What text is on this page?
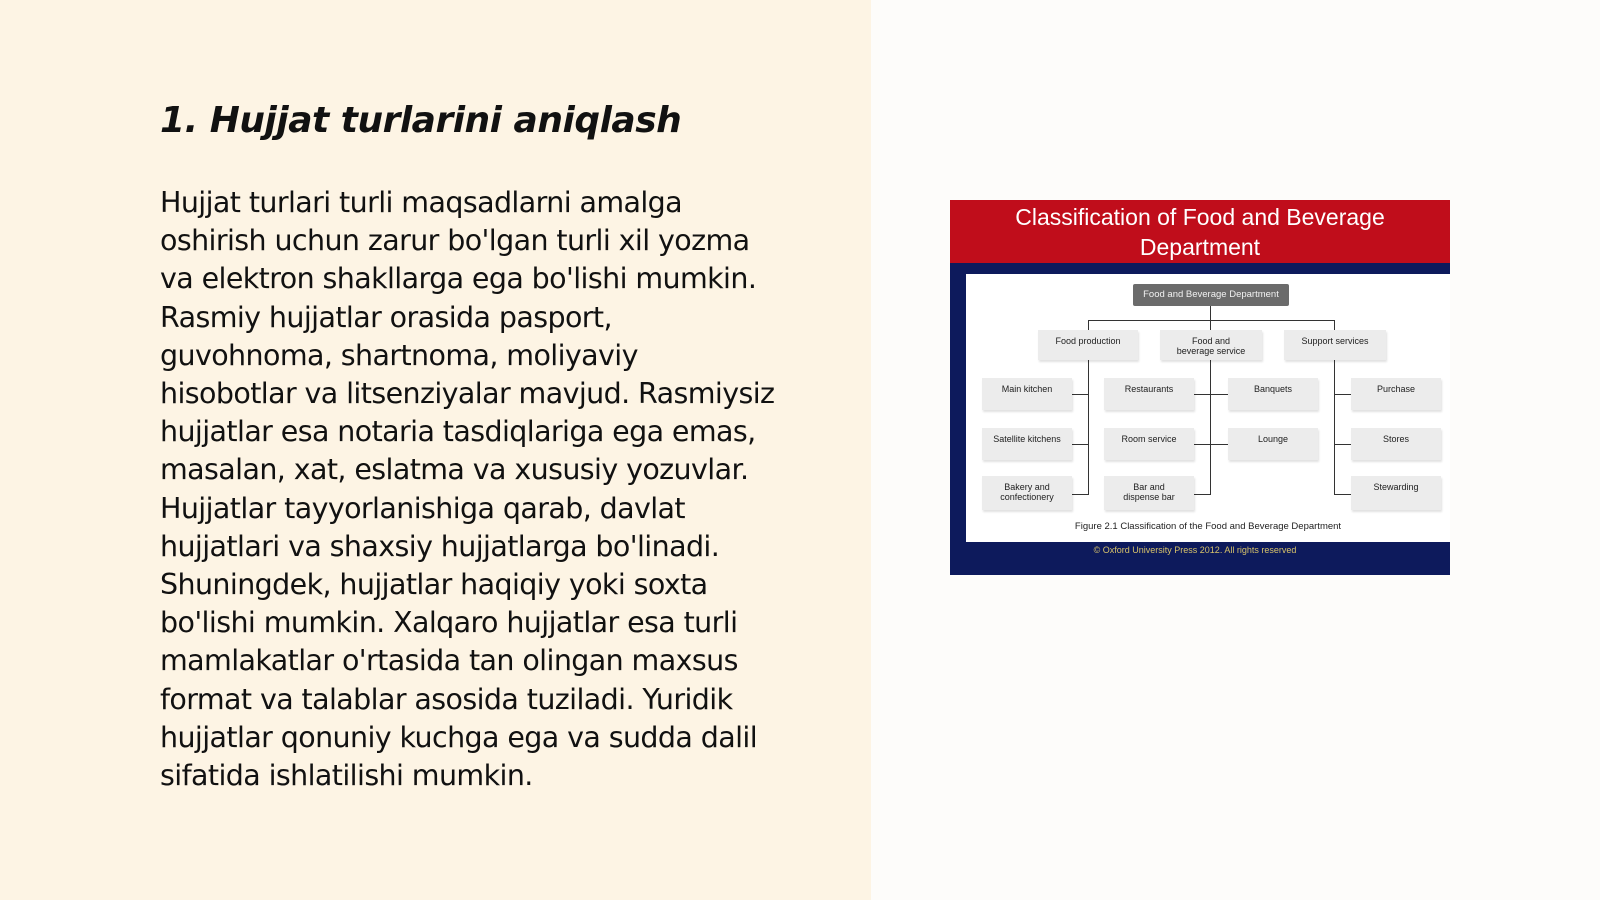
1. Hujjat turlarini aniqlash

Hujjat turlari turli maqsadlarni amalga
oshirish uchun zarur bo'lgan turli xil yozma
va elektron shakllarga ega bo'lishi mumkin.
Rasmiy hujjatlar orasida pasport,
guvohnoma, shartnoma, moliyaviy
hisobotlar va litsenziyalar mavjud. Rasmiysiz
hujjatlar esa notaria tasdiqlariga ega emas,
masalan, xat, eslatma va xususiy yozuvlar.
Hujjatlar tayyorlanishiga qarab, davlat
hujjatlari va shaxsiy hujjatlarga bo'linadi.
Shuningdek, hujjatlar haqiqiy yoki soxta
bo'lishi mumkin. Xalqaro hujjatlar esa turli
mamlakatlar o'rtasida tan olingan maxsus
format va talablar asosida tuziladi. Yuridik
hujjatlar qonuniy kuchga ega va sudda dalil
sifatida ishlatilishi mumkin.

Classification of Food and Beverage
Department
Food and Beverage Department
Food production	Food and beverage service
Support services
Main kitchen
Satellite kitchens
Bakery and confectionery
Restaurants
Room service
Bar and dispense bar
Banquets
Lounge
Purchase
Stores
Stewarding
Figure 2.1 Classification of the Food and Beverage Department
© Oxford University Press 2012. All rights reserved
